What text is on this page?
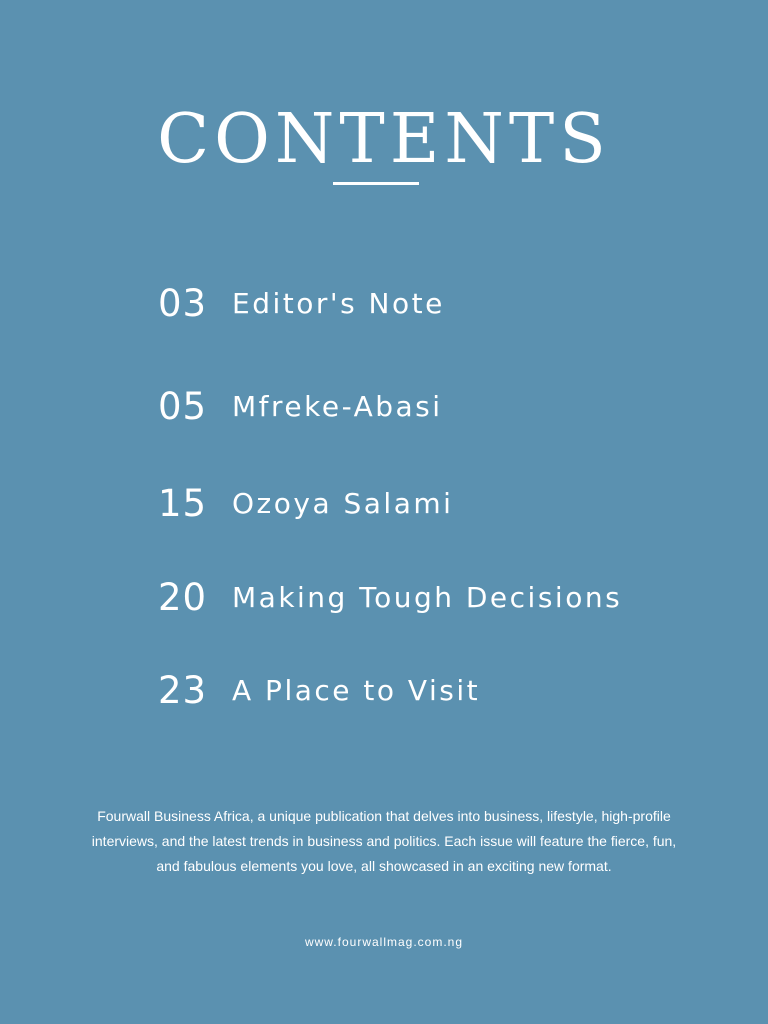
CONTENTS
03 Editor's Note
05 Mfreke-Abasi
15 Ozoya Salami
20 Making Tough Decisions
23 A Place to Visit

Fourwall Business Africa, a unique publication that delves into business, lifestyle, high-profile interviews, and the latest trends in business and politics. Each issue will feature the fierce, fun, and fabulous elements you love, all showcased in an exciting new format.

www.fourwallmag.com.ng
